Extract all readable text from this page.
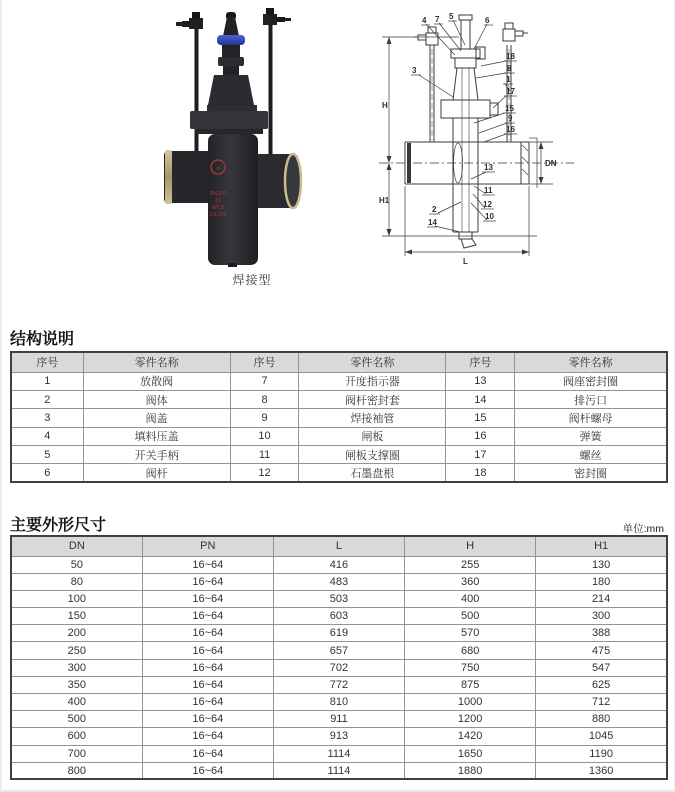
⌀
DN200
16
WCB
Q1234
焊接型
H
H1
L
DN
4 7 5	6
3
18
8
1
17
15
9
16
13
11
12
10
2
14
结构说明
序号	零件名称	序号	零件名称	序号	零件名称
1	放散阀	7	开度指示器	13	阀座密封圈
2	阀体	8	阀杆密封套	14	排污口
3	阀盖	9	焊接袖管	15	阀杆螺母
4	填料压盖	10	闸板	16	弹簧
5	开关手柄	11	闸板支撑圈	17	螺丝
6	阀杆	12	石墨盘根	18	密封圈
主要外形尺寸	单位:mm
DN	PN	L	H	H1
50	16~64	416	255	130
80	16~64	483	360	180
100	16~64	503	400	214
150	16~64	603	500	300
200	16~64	619	570	388
250	16~64	657	680	475
300	16~64	702	750	547
350	16~64	772	875	625
400	16~64	810	1000	712
500	16~64	911	1200	880
600	16~64	913	1420	1045
700	16~64	1114	1650	1190
800	16~64	1114	1880	1360
